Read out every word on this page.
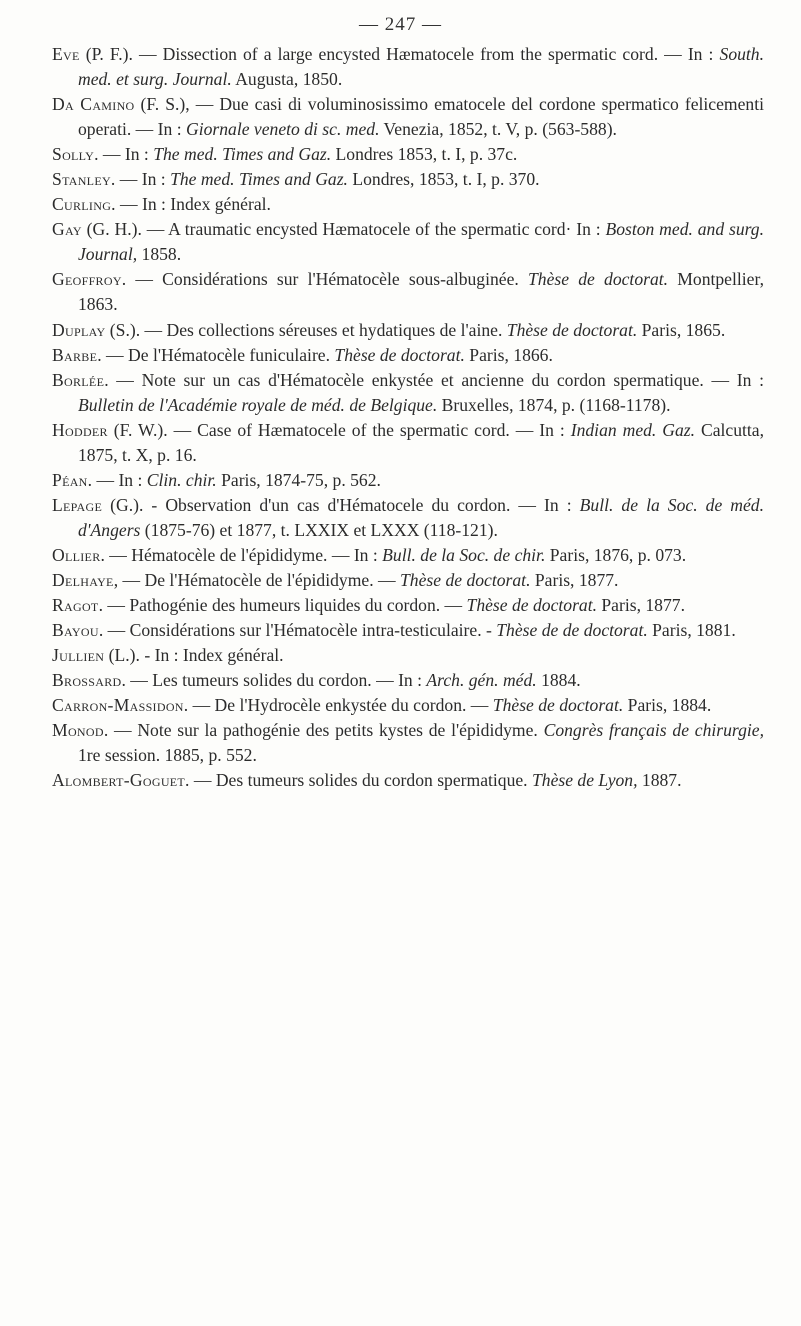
— 247 —

Eve (P. F.). — Dissection of a large encysted Hæmatocele from the spermatic cord. — In : South. med. et surg. Journal. Augusta, 1850.

Da Camino (F. S.), — Due casi di voluminosissimo ematocele del cordone spermatico felicementi operati. — In : Giornale veneto di sc. med. Venezia, 1852, t. V, p. (563-588).

Solly. — In : The med. Times and Gaz. Londres 1853, t. I, p. 37c.

Stanley. — In : The med. Times and Gaz. Londres, 1853, t. I, p. 370.

Curling. — In : Index général.

Gay (G. H.). — A traumatic encysted Hæmatocele of the spermatic cord· In : Boston med. and surg. Journal, 1858.

Geoffroy. — Considérations sur l'Hématocèle sous-albuginée. Thèse de doctorat. Montpellier, 1863.

Duplay (S.). — Des collections séreuses et hydatiques de l'aine. Thèse de doctorat. Paris, 1865.

Barbe. — De l'Hématocèle funiculaire. Thèse de doctorat. Paris, 1866.

Borlée. — Note sur un cas d'Hématocèle enkystée et ancienne du cordon spermatique. — In : Bulletin de l'Académie royale de méd. de Belgique. Bruxelles, 1874, p. (1168-1178).

Hodder (F. W.). — Case of Hæmatocele of the spermatic cord. — In : Indian med. Gaz. Calcutta, 1875, t. X, p. 16.

Péan. — In : Clin. chir. Paris, 1874-75, p. 562.

Lepage (G.). - Observation d'un cas d'Hématocele du cordon. — In : Bull. de la Soc. de méd. d'Angers (1875-76) et 1877, t. LXXIX et LXXX (118-121).

Ollier. — Hématocèle de l'épididyme. — In : Bull. de la Soc. de chir. Paris, 1876, p. 073.

Delhaye, — De l'Hématocèle de l'épididyme. — Thèse de doctorat. Paris, 1877.

Ragot. — Pathogénie des humeurs liquides du cordon. — Thèse de doctorat. Paris, 1877.

Bayou. — Considérations sur l'Hématocèle intra-testiculaire. - Thèse de de doctorat. Paris, 1881.

Jullien (L.). - In : Index général.

Brossard. — Les tumeurs solides du cordon. — In : Arch. gén. méd. 1884.

Carron-Massidon. — De l'Hydrocèle enkystée du cordon. — Thèse de doctorat. Paris, 1884.

Monod. — Note sur la pathogénie des petits kystes de l'épididyme. Congrès français de chirurgie, 1re session. 1885, p. 552.

Alombert-Goguet. — Des tumeurs solides du cordon spermatique. Thèse de Lyon, 1887.
